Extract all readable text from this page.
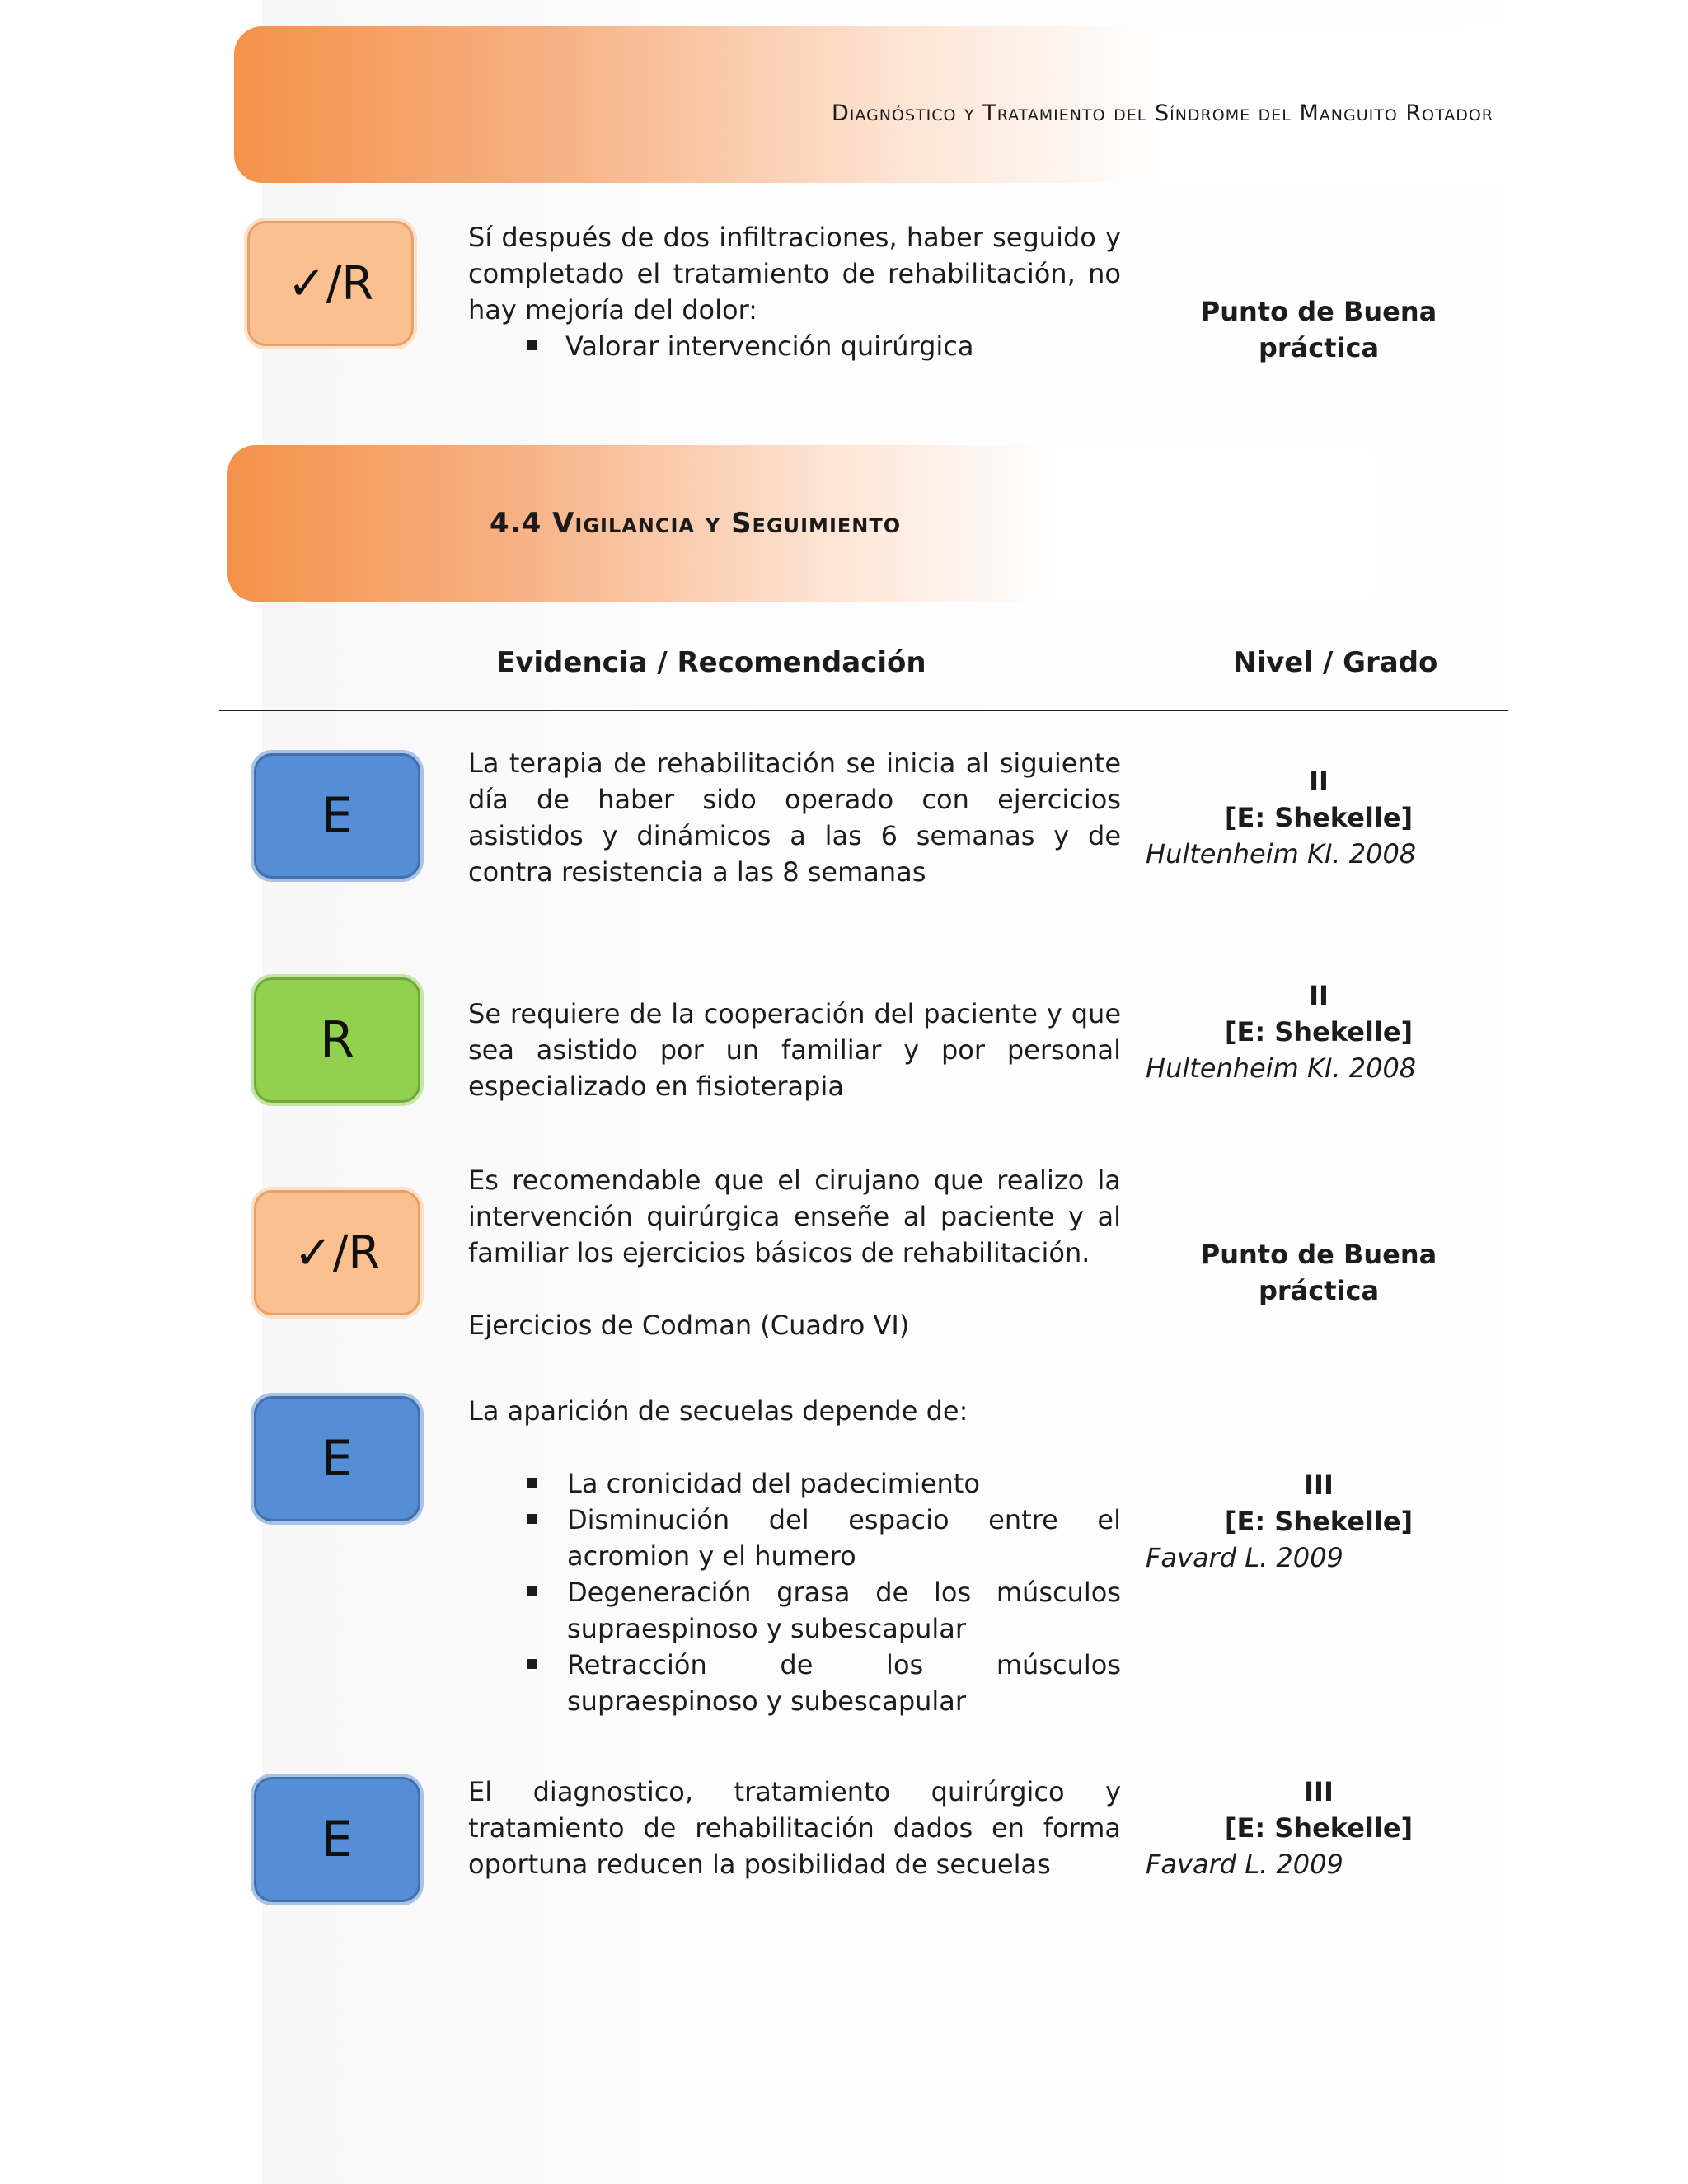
Diagnóstico y Tratamiento del Síndrome del Manguito Rotador
✓/R

Sí después de dos infiltraciones, haber seguido y completado el tratamiento de rehabilitación, no hay mejoría del dolor:

Valorar intervención quirúrgica
Punto de Buena práctica
4.4 Vigilancia y Seguimiento
Evidencia / Recomendación	Nivel / Grado
E

La terapia de rehabilitación se inicia al siguiente día de haber sido operado con ejercicios asistidos y dinámicos a las 6 semanas y de contra resistencia a las 8 semanas

II
[E: Shekelle]
Hultenheim KI. 2008
R	Se requiere de la cooperación del paciente y que sea asistido por un familiar y por personal especializado en fisioterapia

II
[E: Shekelle]
Hultenheim KI. 2008
✓/R

Es recomendable que el cirujano que realizo la intervención quirúrgica enseñe al paciente y al familiar los ejercicios básicos de rehabilitación.

Ejercicios de Codman (Cuadro VI)

Punto de Buena práctica
E

La aparición de secuelas depende de:

La cronicidad del padecimiento
Disminución del espacio entre el acromion y el humero
Degeneración grasa de los músculos supraespinoso y subescapular
Retracción de los músculos supraespinoso y subescapular
III
[E: Shekelle]
Favard L. 2009
E

El diagnostico, tratamiento quirúrgico y tratamiento de rehabilitación dados en forma oportuna reducen la posibilidad de secuelas

III
[E: Shekelle]
Favard L. 2009
